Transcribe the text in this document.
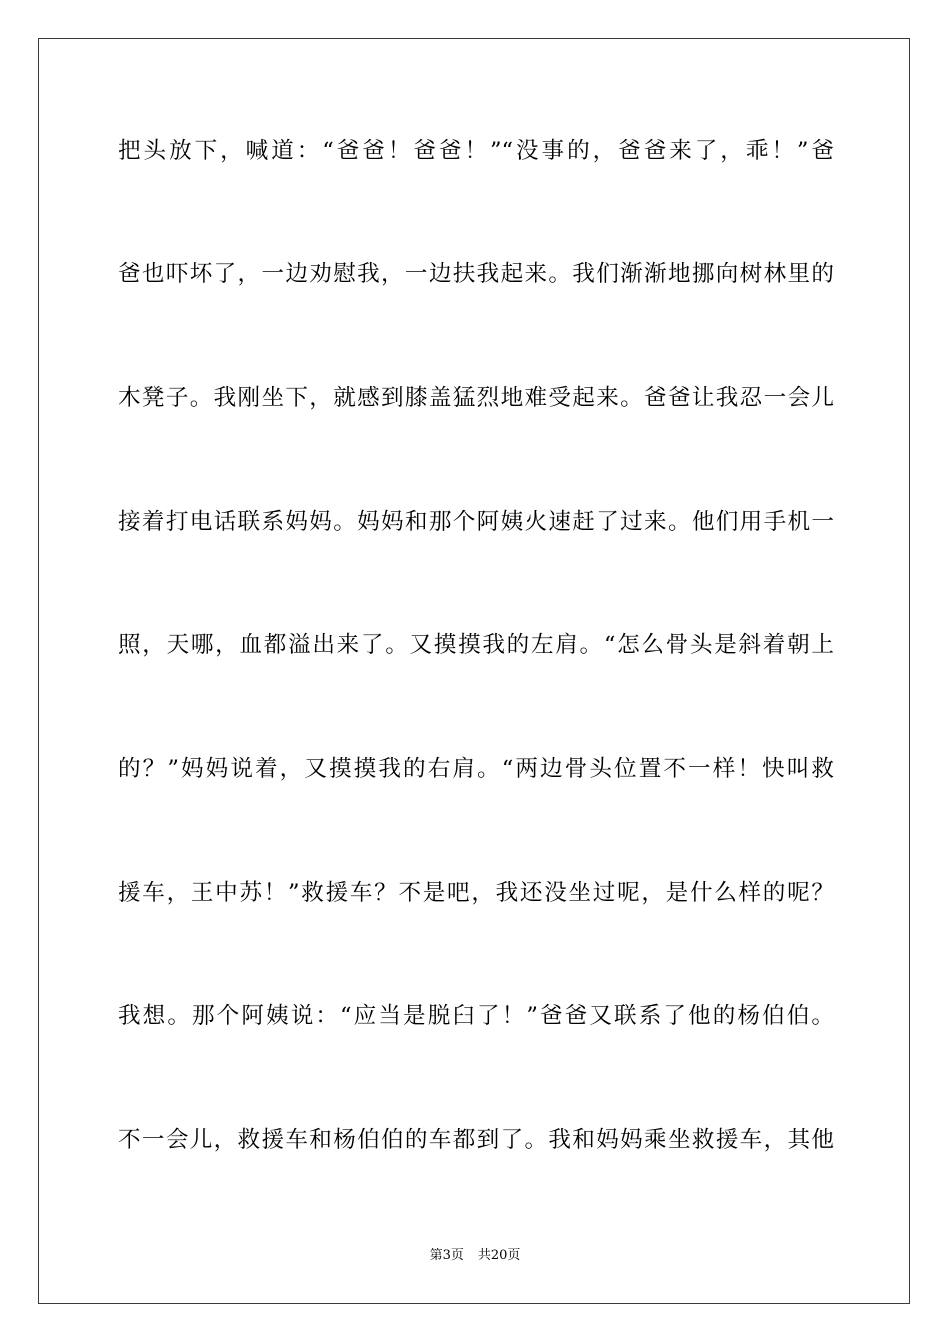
把头放下，喊道：“爸爸！爸爸！”“没事的，爸爸来了，乖！”爸
爸也吓坏了，一边劝慰我，一边扶我起来。我们渐渐地挪向树林里的
木凳子。我刚坐下，就感到膝盖猛烈地难受起来。爸爸让我忍一会儿
接着打电话联系妈妈。妈妈和那个阿姨火速赶了过来。他们用手机一
照，天哪，血都溢出来了。又摸摸我的左肩。“怎么骨头是斜着朝上
的？”妈妈说着，又摸摸我的右肩。“两边骨头位置不一样！快叫救
援车，王中苏！”救援车？不是吧，我还没坐过呢，是什么样的呢？
我想。那个阿姨说：“应当是脱臼了！”爸爸又联系了他的杨伯伯。
不一会儿，救援车和杨伯伯的车都到了。我和妈妈乘坐救援车，其他
第3页 共20页
